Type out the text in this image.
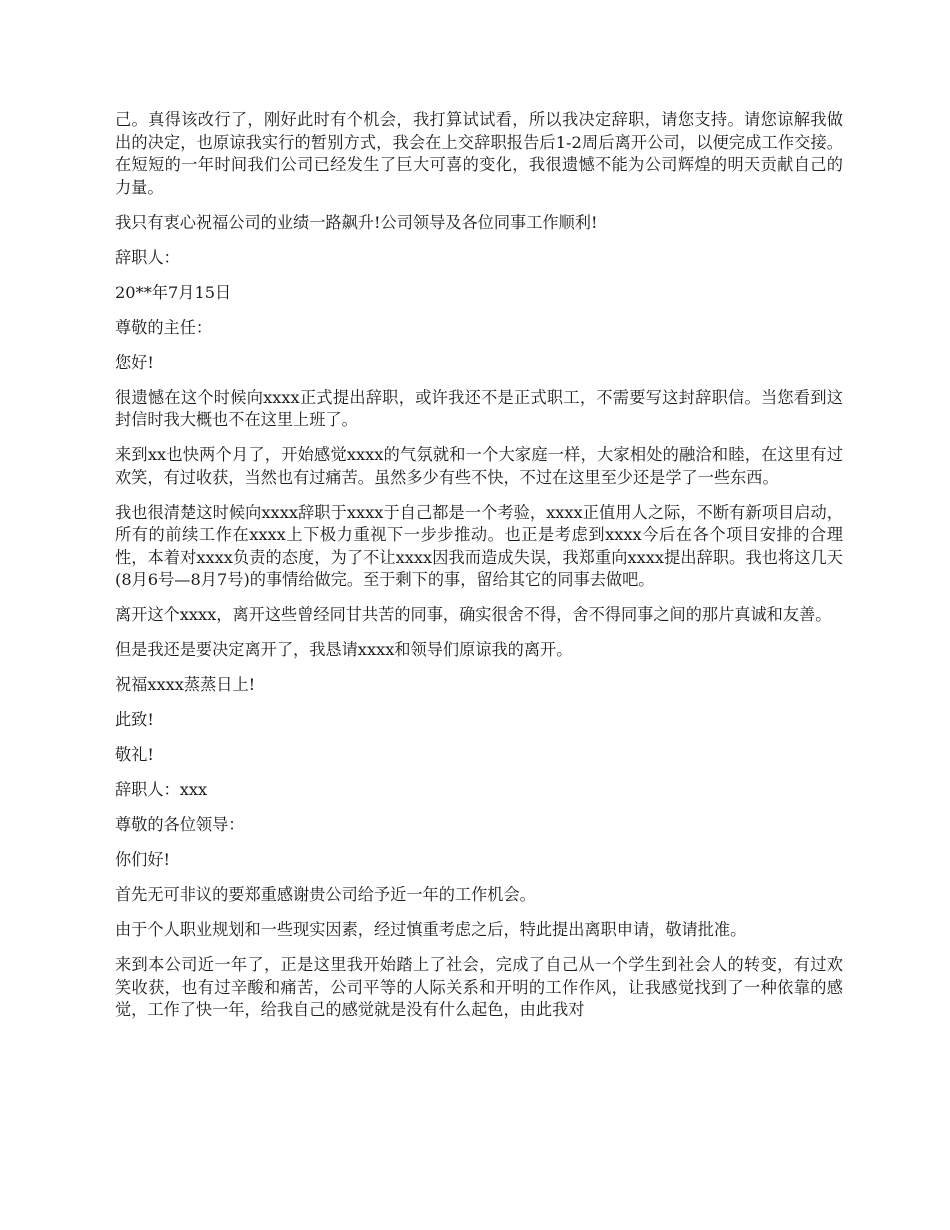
己。真得该改行了，刚好此时有个机会，我打算试试看，所以我决定辞职，请您支持。请您谅解我做出的决定，也原谅我实行的暂别方式，我会在上交辞职报告后1-2周后离开公司，以便完成工作交接。在短短的一年时间我们公司已经发生了巨大可喜的变化，我很遗憾不能为公司辉煌的明天贡献自己的力量。

我只有衷心祝福公司的业绩一路飙升!公司领导及各位同事工作顺利!

辞职人：

20**年7月15日

尊敬的主任：

您好!

很遗憾在这个时候向xxxx正式提出辞职，或许我还不是正式职工，不需要写这封辞职信。当您看到这封信时我大概也不在这里上班了。

来到xx也快两个月了，开始感觉xxxx的气氛就和一个大家庭一样，大家相处的融洽和睦，在这里有过欢笑，有过收获，当然也有过痛苦。虽然多少有些不快，不过在这里至少还是学了一些东西。

我也很清楚这时候向xxxx辞职于xxxx于自己都是一个考验，xxxx正值用人之际，不断有新项目启动，所有的前续工作在xxxx上下极力重视下一步步推动。也正是考虑到xxxx今后在各个项目安排的合理性，本着对xxxx负责的态度，为了不让xxxx因我而造成失误，我郑重向xxxx提出辞职。我也将这几天(8月6号—8月7号)的事情给做完。至于剩下的事，留给其它的同事去做吧。

离开这个xxxx，离开这些曾经同甘共苦的同事，确实很舍不得，舍不得同事之间的那片真诚和友善。

但是我还是要决定离开了，我恳请xxxx和领导们原谅我的离开。

祝福xxxx蒸蒸日上!

此致!

敬礼!

辞职人：xxx

尊敬的各位领导：

你们好!

首先无可非议的要郑重感谢贵公司给予近一年的工作机会。

由于个人职业规划和一些现实因素，经过慎重考虑之后，特此提出离职申请，敬请批准。

来到本公司近一年了，正是这里我开始踏上了社会，完成了自己从一个学生到社会人的转变，有过欢笑收获，也有过辛酸和痛苦，公司平等的人际关系和开明的工作作风，让我感觉找到了一种依靠的感觉，工作了快一年，给我自己的感觉就是没有什么起色，由此我对
